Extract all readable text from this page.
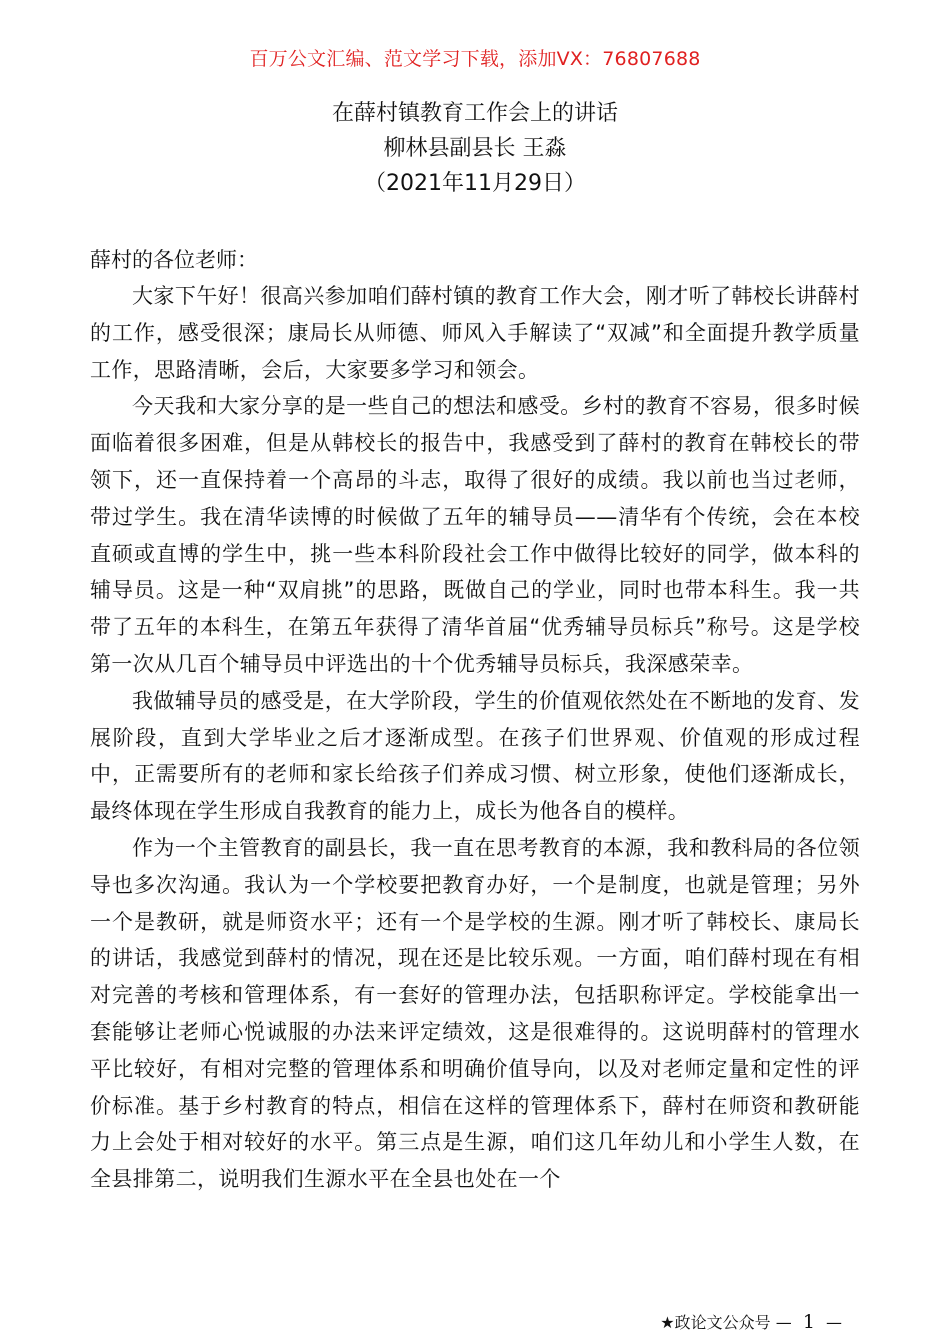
百万公文汇编、范文学习下载，添加VX：76807688
在薛村镇教育工作会上的讲话
柳林县副县长 王淼
（2021年11月29日）

薛村的各位老师：

大家下午好！很高兴参加咱们薛村镇的教育工作大会，刚才听了韩校长讲薛村的工作，感受很深；康局长从师德、师风入手解读了“双减”和全面提升教学质量工作，思路清晰，会后，大家要多学习和领会。

今天我和大家分享的是一些自己的想法和感受。乡村的教育不容易，很多时候面临着很多困难，但是从韩校长的报告中，我感受到了薛村的教育在韩校长的带领下，还一直保持着一个高昂的斗志，取得了很好的成绩。我以前也当过老师，带过学生。我在清华读博的时候做了五年的辅导员——清华有个传统，会在本校直硕或直博的学生中，挑一些本科阶段社会工作中做得比较好的同学，做本科的辅导员。这是一种“双肩挑”的思路，既做自己的学业，同时也带本科生。我一共带了五年的本科生，在第五年获得了清华首届“优秀辅导员标兵”称号。这是学校第一次从几百个辅导员中评选出的十个优秀辅导员标兵，我深感荣幸。

我做辅导员的感受是，在大学阶段，学生的价值观依然处在不断地的发育、发展阶段，直到大学毕业之后才逐渐成型。在孩子们世界观、价值观的形成过程中，正需要所有的老师和家长给孩子们养成习惯、树立形象，使他们逐渐成长，最终体现在学生形成自我教育的能力上，成长为他各自的模样。

作为一个主管教育的副县长，我一直在思考教育的本源，我和教科局的各位领导也多次沟通。我认为一个学校要把教育办好，一个是制度，也就是管理；另外一个是教研，就是师资水平；还有一个是学校的生源。刚才听了韩校长、康局长的讲话，我感觉到薛村的情况，现在还是比较乐观。一方面，咱们薛村现在有相对完善的考核和管理体系，有一套好的管理办法，包括职称评定。学校能拿出一套能够让老师心悦诚服的办法来评定绩效，这是很难得的。这说明薛村的管理水平比较好，有相对完整的管理体系和明确价值导向，以及对老师定量和定性的评价标准。基于乡村教育的特点，相信在这样的管理体系下，薛村在师资和教研能力上会处于相对较好的水平。第三点是生源，咱们这几年幼儿和小学生人数，在全县排第二，说明我们生源水平在全县也处在一个

★政论文公众号 — 1 —
